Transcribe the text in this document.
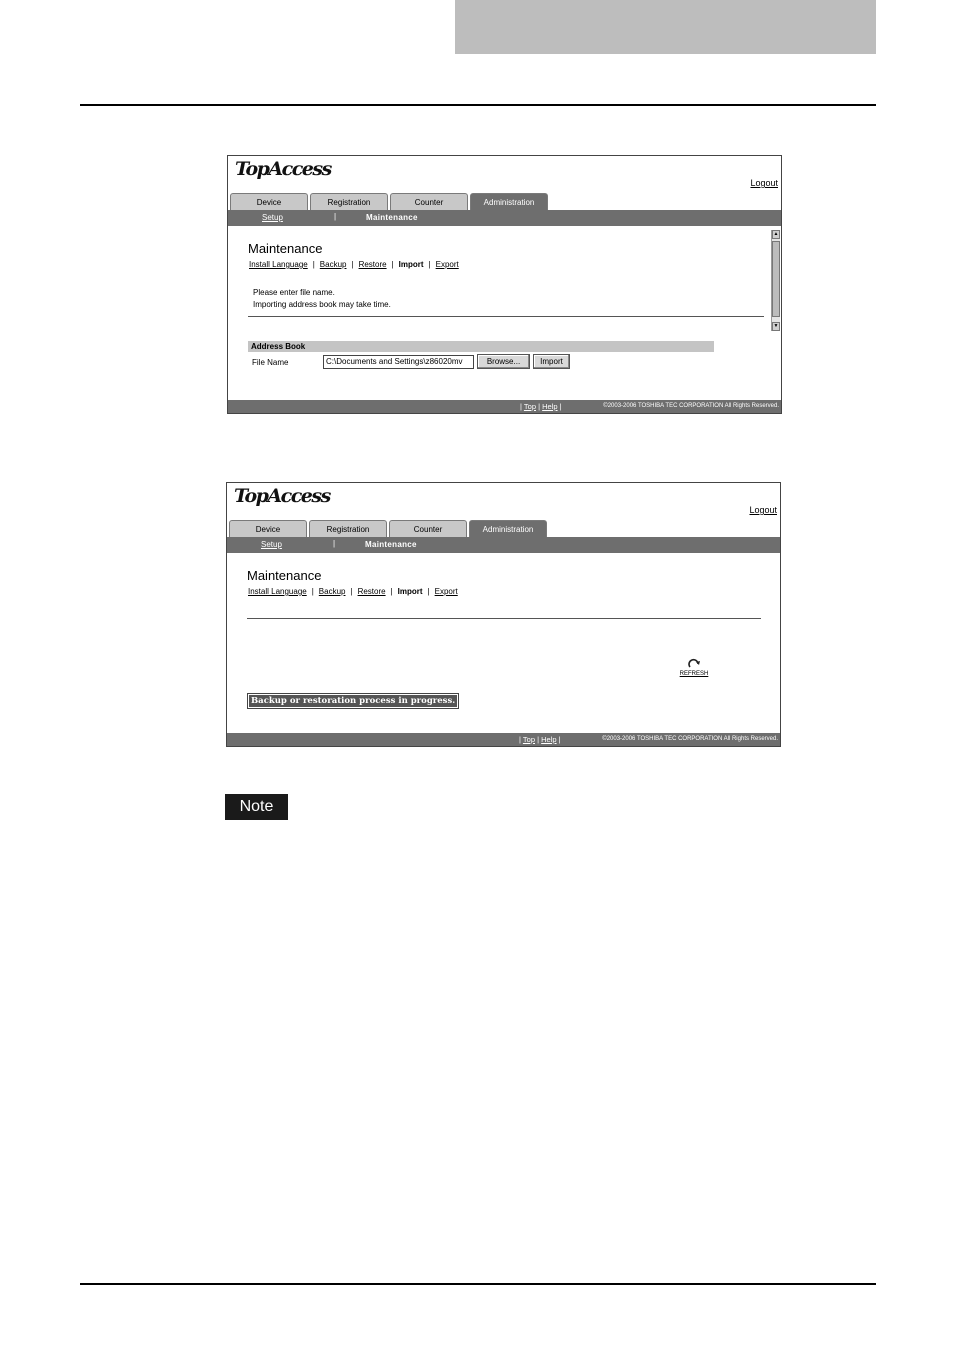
TopAccess
Logout
Device	Registration	Counter	Administration
Setup	|	Maintenance
Maintenance
Install Language | Backup | Restore | Import | Export
Please enter file name.
Importing address book may take time.
▲
▼
Address Book
File Name	C:\Documents and Settings\z86020mv	Browse...	Import
| Top | Help |	©2003-2006 TOSHIBA TEC CORPORATION All Rights Reserved.
TopAccess
Logout
Device	Registration	Counter	Administration
Setup	|	Maintenance
Maintenance
Install Language | Backup | Restore | Import | Export
REFRESH
Backup or restoration process in progress.
| Top | Help |	©2003-2006 TOSHIBA TEC CORPORATION All Rights Reserved.
Note
